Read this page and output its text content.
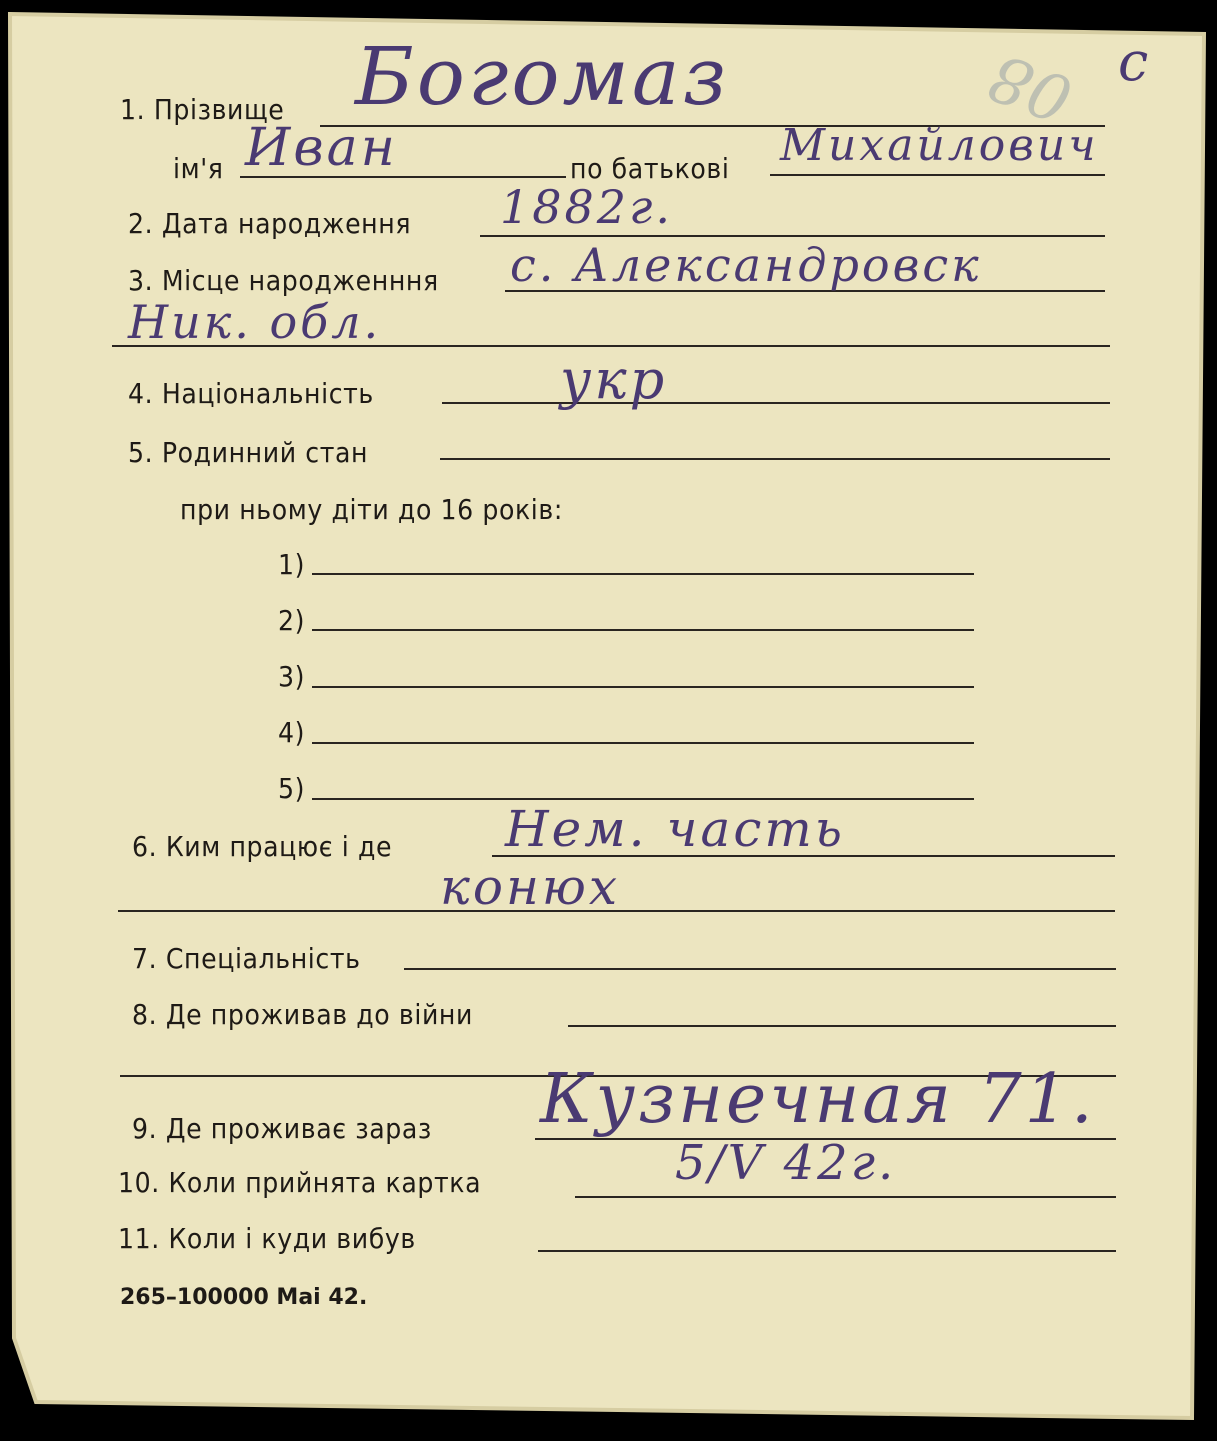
08 с
1. Прізвище Богомаз
ім'я Иван	по батькові Михайлович
2. Дата народження 1882г.
3. Місце народженння с. Александровск
Ник. обл.
4. Національність	укр
5. Родинний стан
при ньому діти до 16 років:
1)
2)
3)
4)
5)
6. Ким працює і де Нем. часть
конюх
7. Спеціальність
8. Де проживав до війни
9. Де проживає зараз Кузнечная 71.
10. Коли прийнята картка	5/V 42г.
11. Коли і куди вибув
265–100000 Mai 42.
